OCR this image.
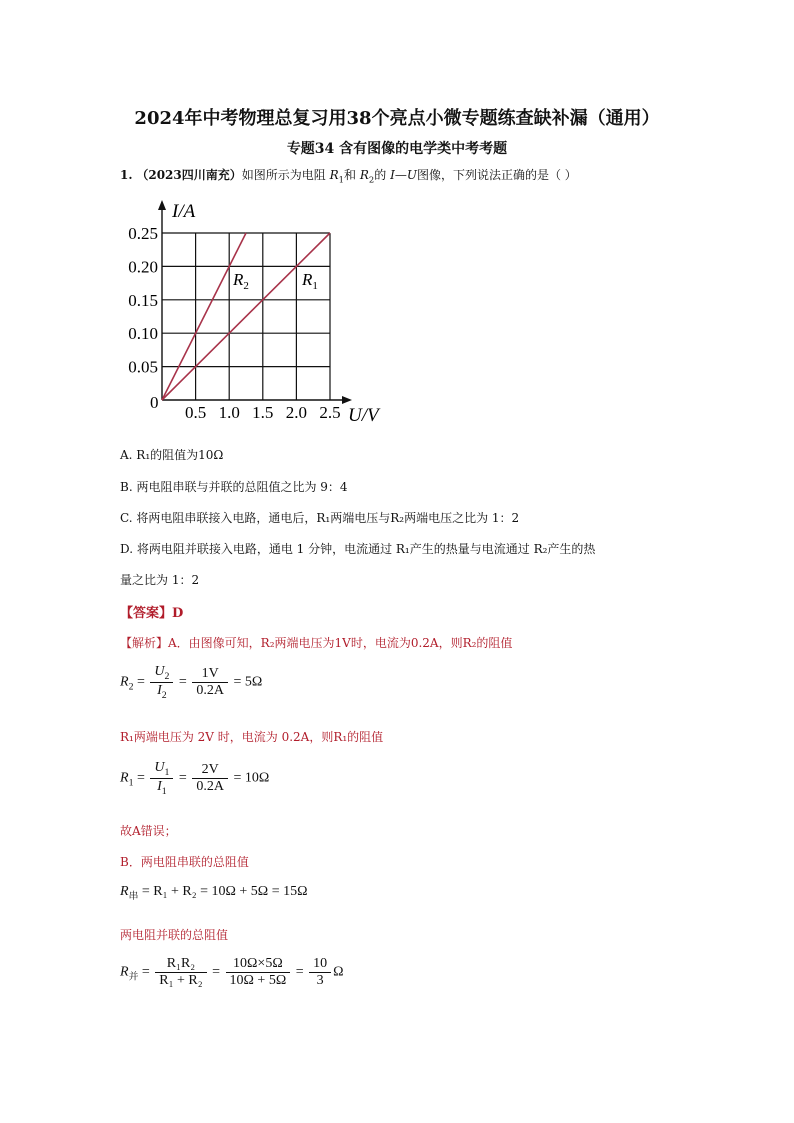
2024年中考物理总复习用38个亮点小微专题练查缺补漏（通用）
专题34 含有图像的电学类中考考题
1. （2023四川南充）如图所示为电阻 $R_1$和 $R_2$的 I—U图像，下列说法正确的是（ ）
0.5 1.0 1.5 2.0 2.5
0.25
0.20
0.15
0.10
0.05
I/A
U/V
0
$R_2$	$R_1$
A. R₁的阻值为10Ω
B. 两电阻串联与并联的总阻值之比为 9：4
C. 将两电阻串联接入电路，通电后，R₁两端电压与R₂两端电压之比为 1：2
D. 将两电阻并联接入电路，通电 1 分钟，电流通过 R₁产生的热量与电流通过 R₂产生的热
量之比为 1：2
【答案】D
【解析】A．由图像可知，R₂两端电压为1V时，电流为0.2A，则R₂的阻值
$R_2 = \frac{U_2}{I_2} = \frac{1V}{0.2A} = 5\Omega$
R₁两端电压为 2V 时，电流为 0.2A，则R₁的阻值
$R_1 = \frac{U_1}{I_1} = \frac{2V}{0.2A} = 10\Omega$
故A错误；
B．两电阻串联的总阻值
$R_串 = R_1 + R_2 = 10\Omega + 5\Omega = 15\Omega$
两电阻并联的总阻值
$R_并 = \frac{\text{R₁R₂}}{\text{R₁ + R₂}} = \frac{10\Omega\times 5\Omega}{10\Omega + 5\Omega} = \frac{10}{3}$ Ω
